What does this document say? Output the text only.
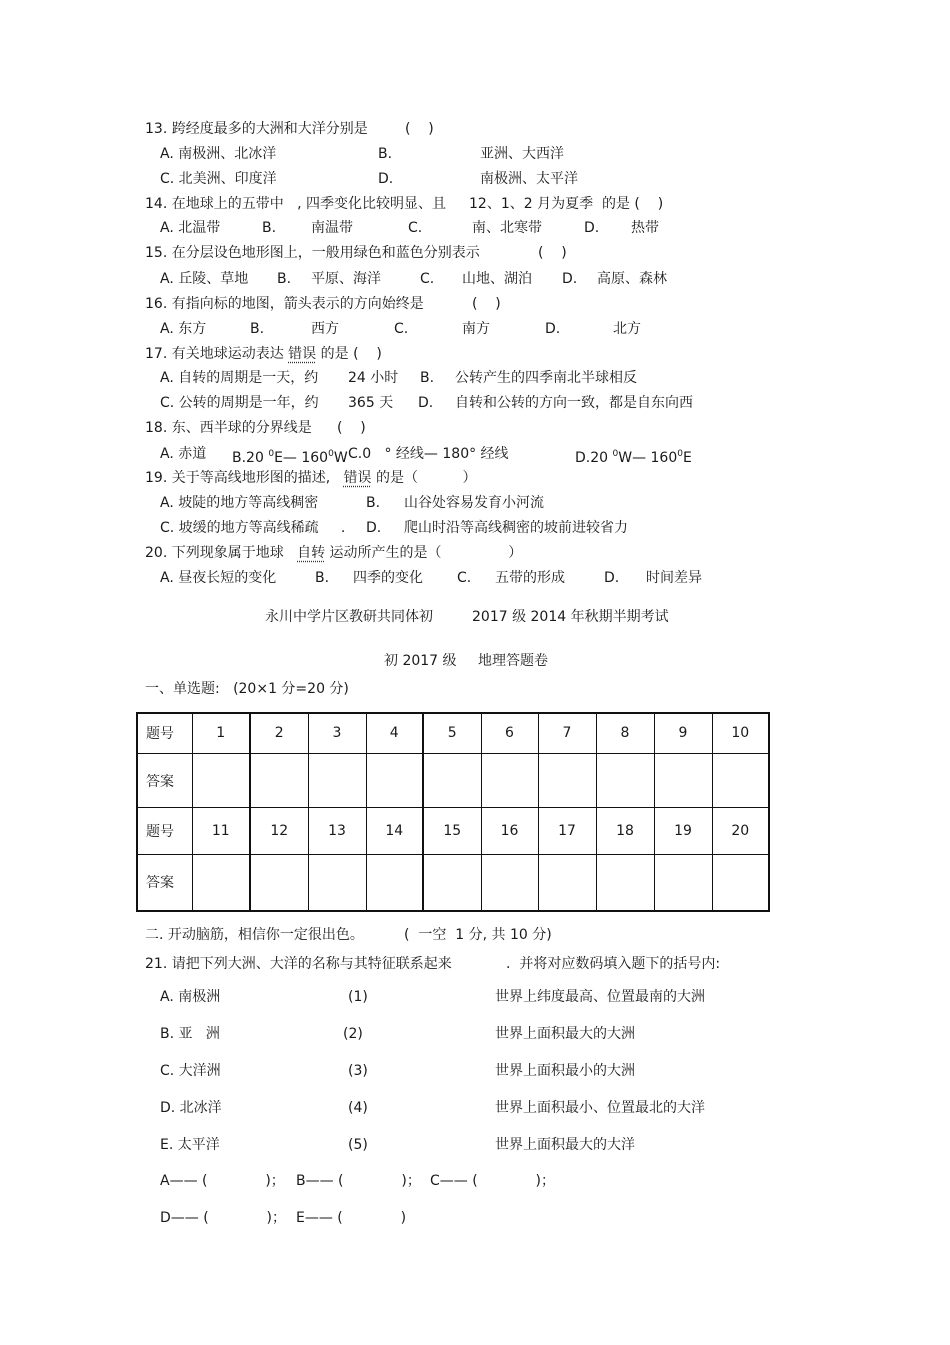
13. 跨经度最多的大洲和大洋分别是	(    )
A. 南极洲、北冰洋	B.	亚洲、大西洋
C. 北美洲、印度洋	D.	南极洲、太平洋
14. 在地球上的五带中   , 四季变化比较明显、且 12、1、2 月为夏季  的是 (    )
A. 北温带	B. 南温带	C.	南、北寒带	D. 热带
15. 在分层设色地形图上，一般用绿色和蓝色分别表示	(    )
A. 丘陵、草地 B. 平原、海洋	C. 山地、湖泊 D. 高原、森林
16. 有指向标的地图，箭头表示的方向始终是	(    )
A. 东方	B.	西方	C.	南方	D.	北方
17. 有关地球运动表达 错误 的是 (    )
A. 自转的周期是一天，约 24 小时 B. 公转产生的四季南北半球相反
C. 公转的周期是一年，约 365 天 D. 自转和公转的方向一致，都是自东向西
18. 东、西半球的分界线是 (    )
A. 赤道 B.20 $^0$E— $160^0W$ C.0   ° 经线— 180° 经线	D.20 $^0$W— $160^0E$
19. 关于等高线地形图的描述, 错误 的是（          ）
A. 坡陡的地方等高线稠密	B. 山谷处容易发育小河流
C. 坡缓的地方等高线稀疏     . D. 爬山时沿等高线稠密的坡前进较省力
20. 下列现象属于地球 自转 运动所产生的是（               ）
A. 昼夜长短的变化	B. 四季的变化 C. 五带的形成	D. 时间差异
永川中学片区教研共同体初	2017 级 2014 年秋期半期考试
初 2017 级 地理答题卷
一、单选题:   (20×1 分=20 分)
题号	1	2	3	4	5	6	7	8	9	10
答案										
题号	11	12	13	14	15	16	17	18	19	20
答案										
二. 开动脑筋，相信你一定很出色。	(  一空  1 分, 共 10 分)
21. 请把下列大洲、大洋的名称与其特征联系起来	.  并将对应数码填入题下的括号内:
A. 南极洲	(1)	世界上纬度最高、位置最南的大洲
B. 亚   洲	(2)	世界上面积最大的大洲
C. 大洋洲	(3)	世界上面积最小的大洲
D. 北冰洋	(4)	世界上面积最小、位置最北的大洋
E. 太平洋	(5)	世界上面积最大的大洋
A—— (             )； B—— (             )； C—— (             )；
D—— (             )； E—— (             )
